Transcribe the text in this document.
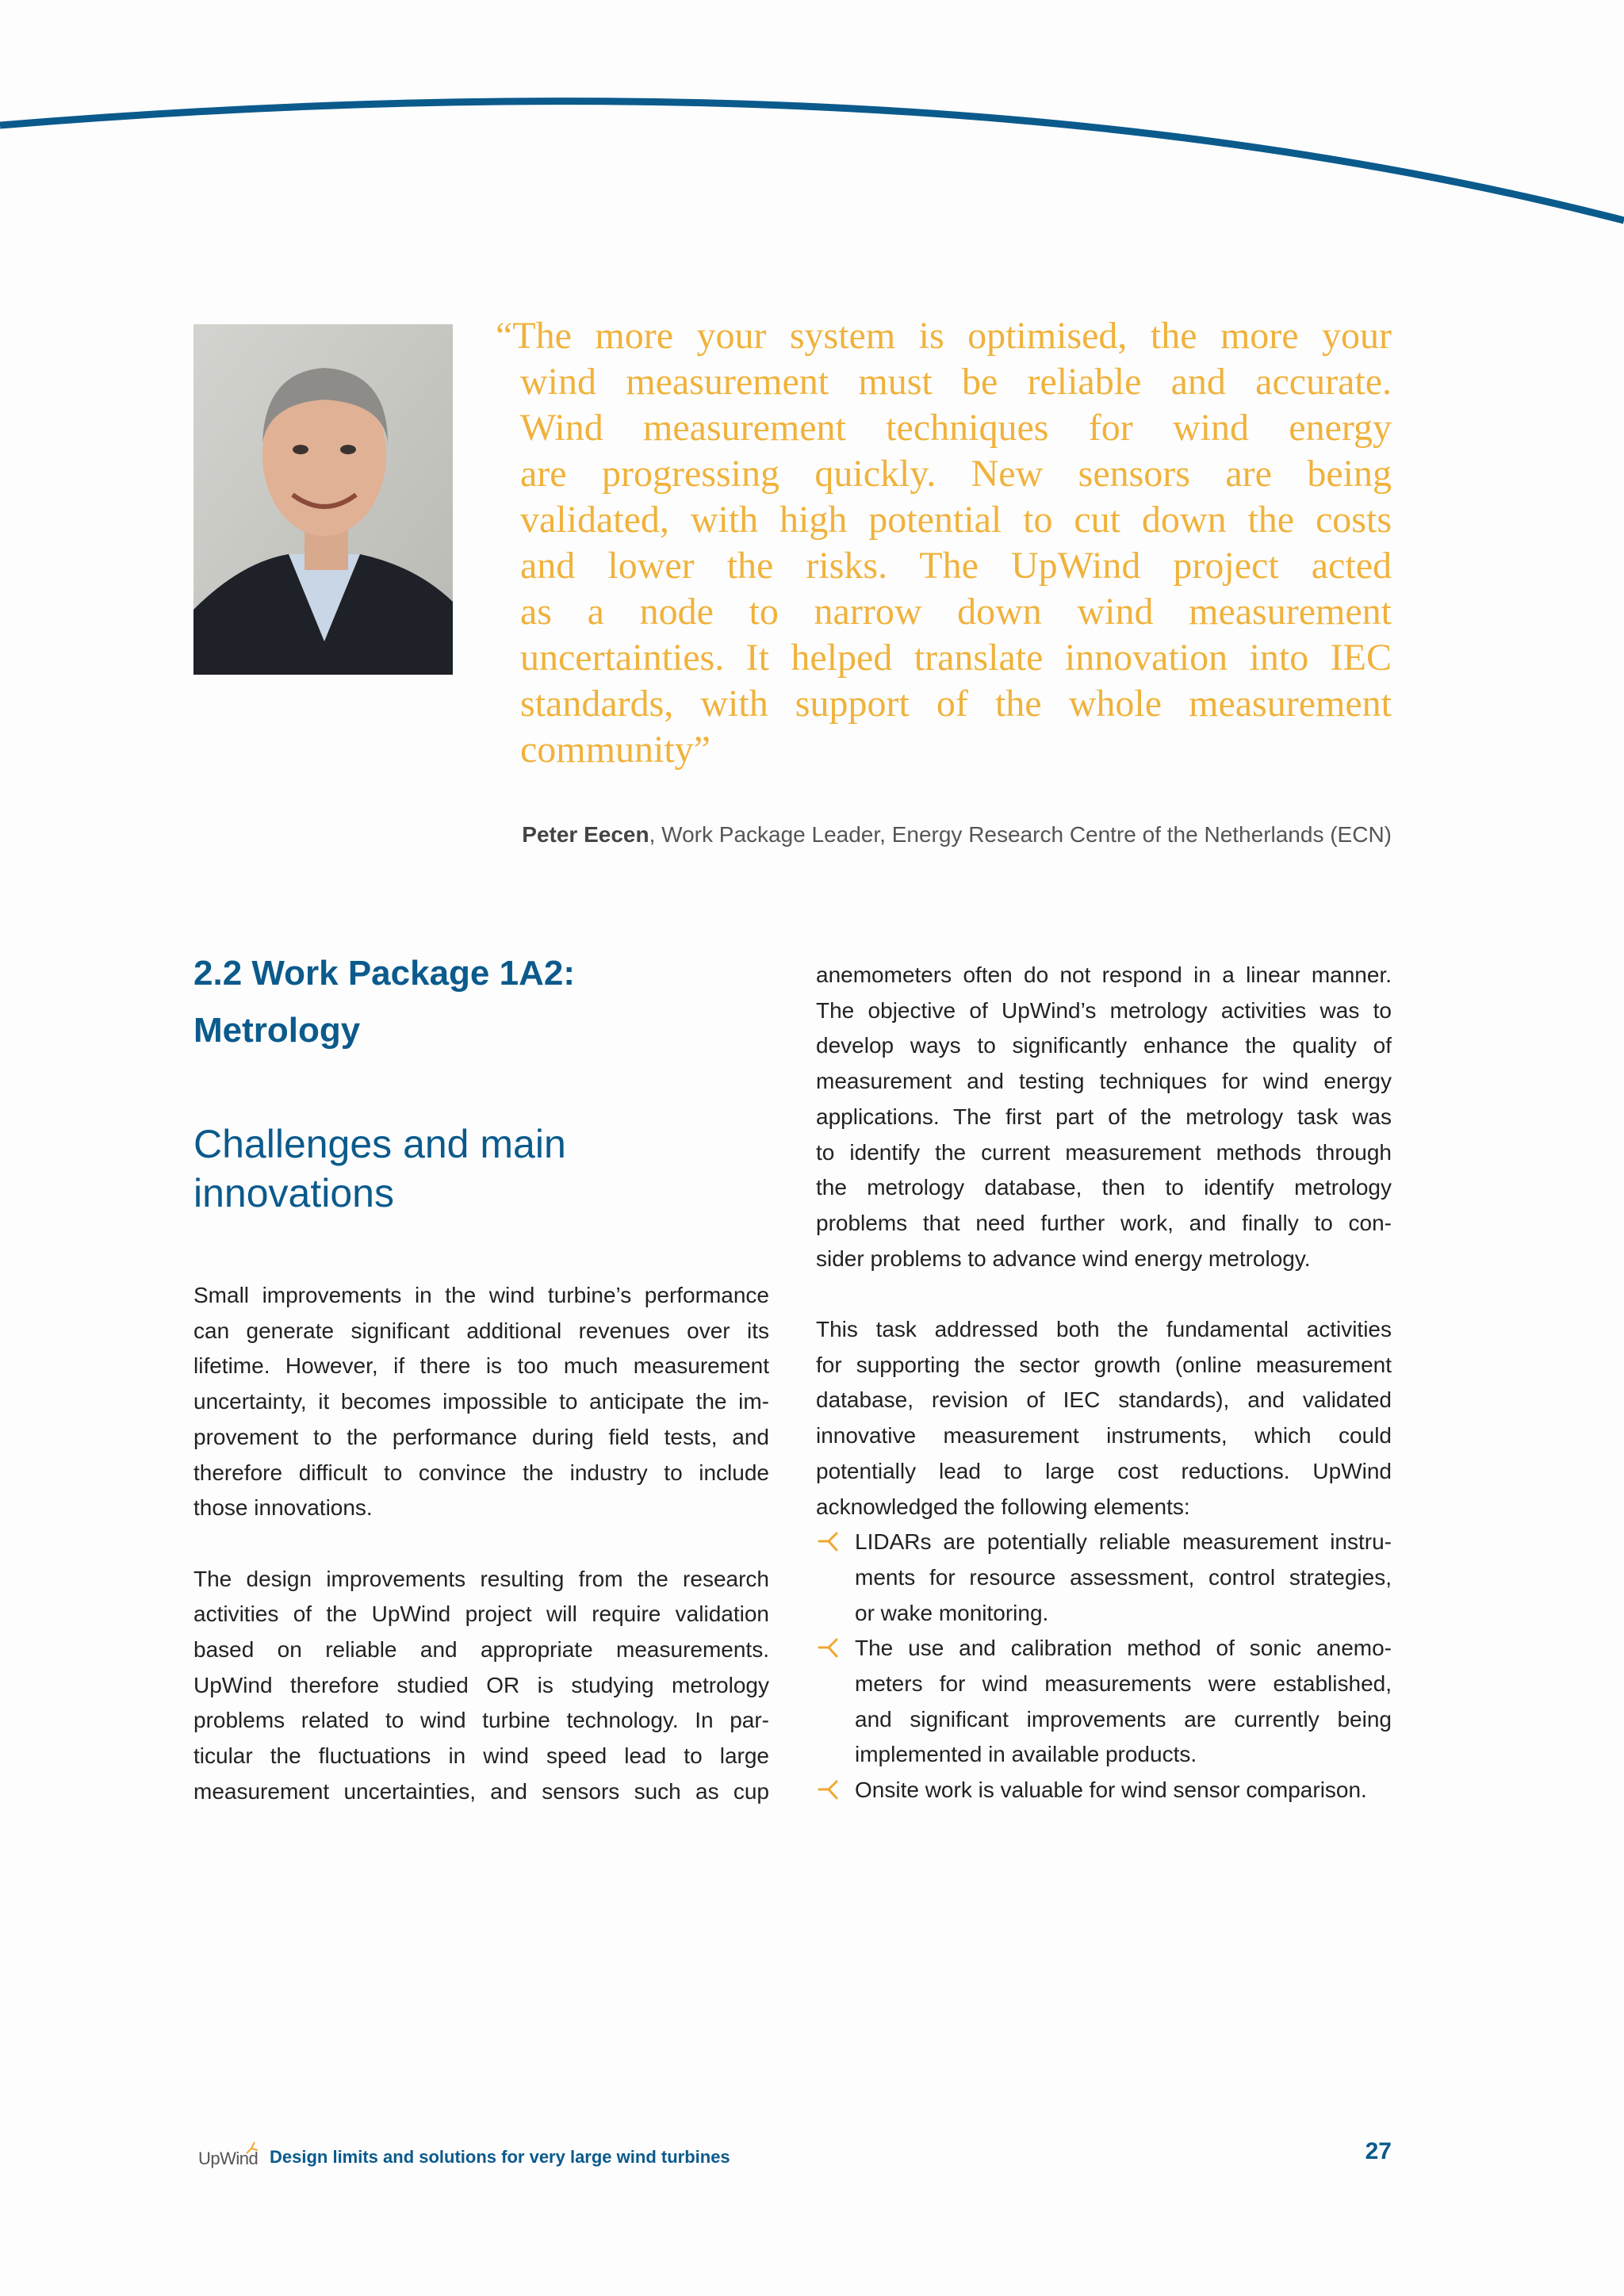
“The more your system is optimised, the more your
wind measurement must be reliable and accurate.
Wind measurement techniques for wind energy
are progressing quickly. New sensors are being
validated, with high potential to cut down the costs
and lower the risks. The UpWind project acted
as a node to narrow down wind measurement
uncertainties. It helped translate innovation into IEC
standards, with support of the whole measurement
community”
Peter Eecen, Work Package Leader, Energy Research Centre of the Netherlands (ECN)
2.2 Work Package 1A2:
Metrology
Challenges and main
innovations

Small improvements in the wind turbine’s performance
can generate significant additional revenues over its
lifetime. However, if there is too much measurement
uncertainty, it becomes impossible to anticipate the im-
provement to the performance during field tests, and
therefore difficult to convince the industry to include
those innovations.

The design improvements resulting from the research
activities of the UpWind project will require validation
based on reliable and appropriate measurements.
UpWind therefore studied OR is studying metrology
problems related to wind turbine technology. In par-
ticular the fluctuations in wind speed lead to large
measurement uncertainties, and sensors such as cup

anemometers often do not respond in a linear manner.
The objective of UpWind’s metrology activities was to
develop ways to significantly enhance the quality of
measurement and testing techniques for wind energy
applications. The first part of the metrology task was
to identify the current measurement methods through
the metrology database, then to identify metrology
problems that need further work, and finally to con-
sider problems to advance wind energy metrology.

This task addressed both the fundamental activities
for supporting the sector growth (online measurement
database, revision of IEC standards), and validated
innovative measurement instruments, which could
potentially lead to large cost reductions. UpWind
acknowledged the following elements:

LIDARs are potentially reliable measurement instru-
ments for resource assessment, control strategies,
or wake monitoring.
The use and calibration method of sonic anemo-
meters for wind measurements were established,
and significant improvements are currently being
implemented in available products.
Onsite work is valuable for wind sensor comparison.
UpWind Design limits and solutions for very large wind turbines	27
